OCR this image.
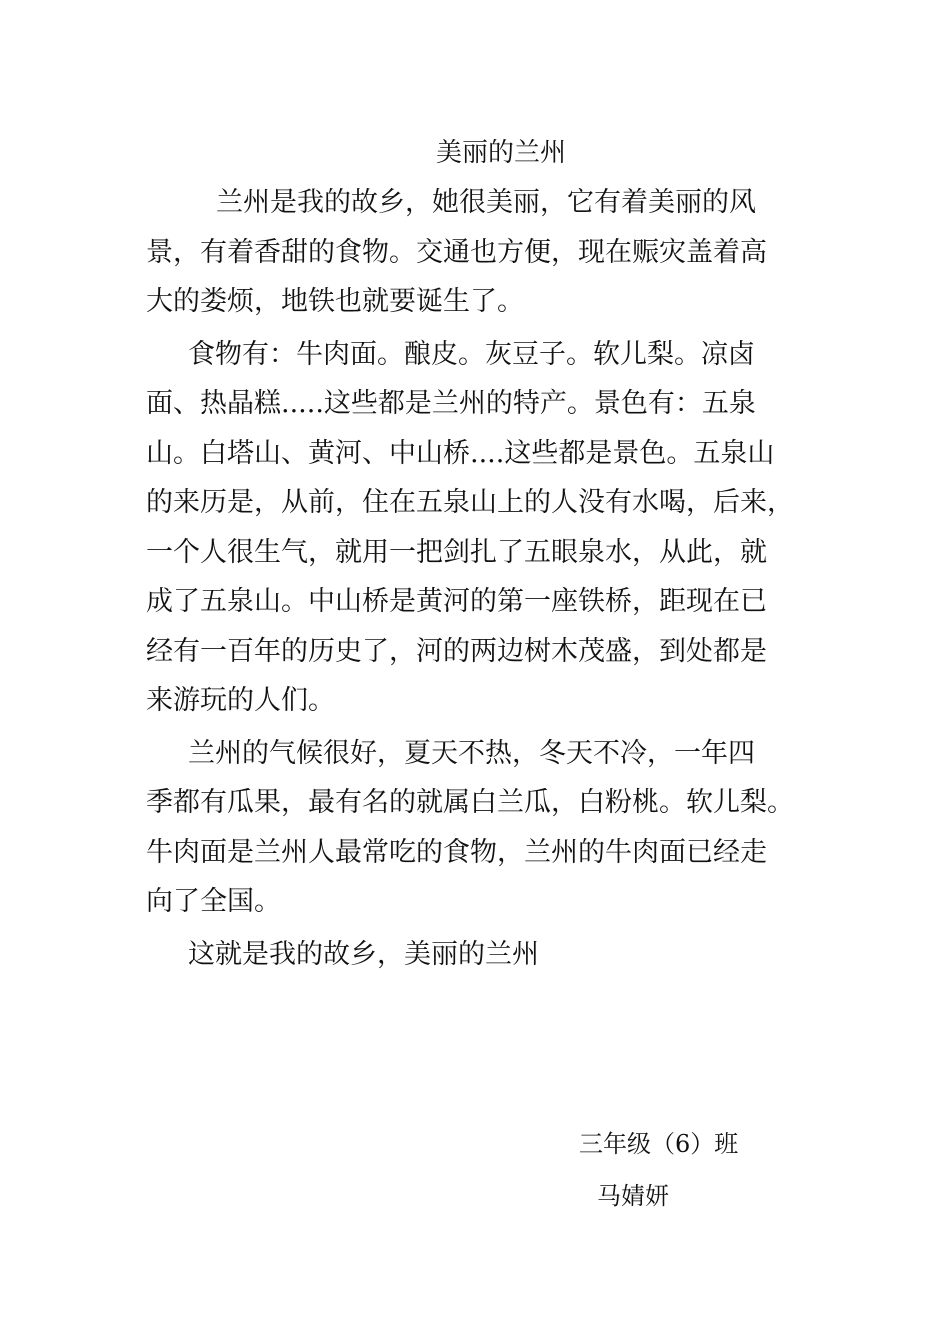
美丽的兰州
兰州是我的故乡，她很美丽，它有着美丽的风
景，有着香甜的食物。交通也方便，现在赈灾盖着高
大的娄烦，地铁也就要诞生了。
食物有：牛肉面。酿皮。灰豆子。软儿梨。凉卤
面、热晶糕.....这些都是兰州的特产。景色有：五泉
山。白塔山、黄河、中山桥....这些都是景色。五泉山
的来历是，从前，住在五泉山上的人没有水喝，后来，
一个人很生气，就用一把剑扎了五眼泉水，从此，就
成了五泉山。中山桥是黄河的第一座铁桥，距现在已
经有一百年的历史了，河的两边树木茂盛，到处都是
来游玩的人们。
兰州的气候很好，夏天不热，冬天不冷，一年四
季都有瓜果，最有名的就属白兰瓜，白粉桃。软儿梨。
牛肉面是兰州人最常吃的食物，兰州的牛肉面已经走
向了全国。
这就是我的故乡，美丽的兰州
三年级（6）班
马婧妍
